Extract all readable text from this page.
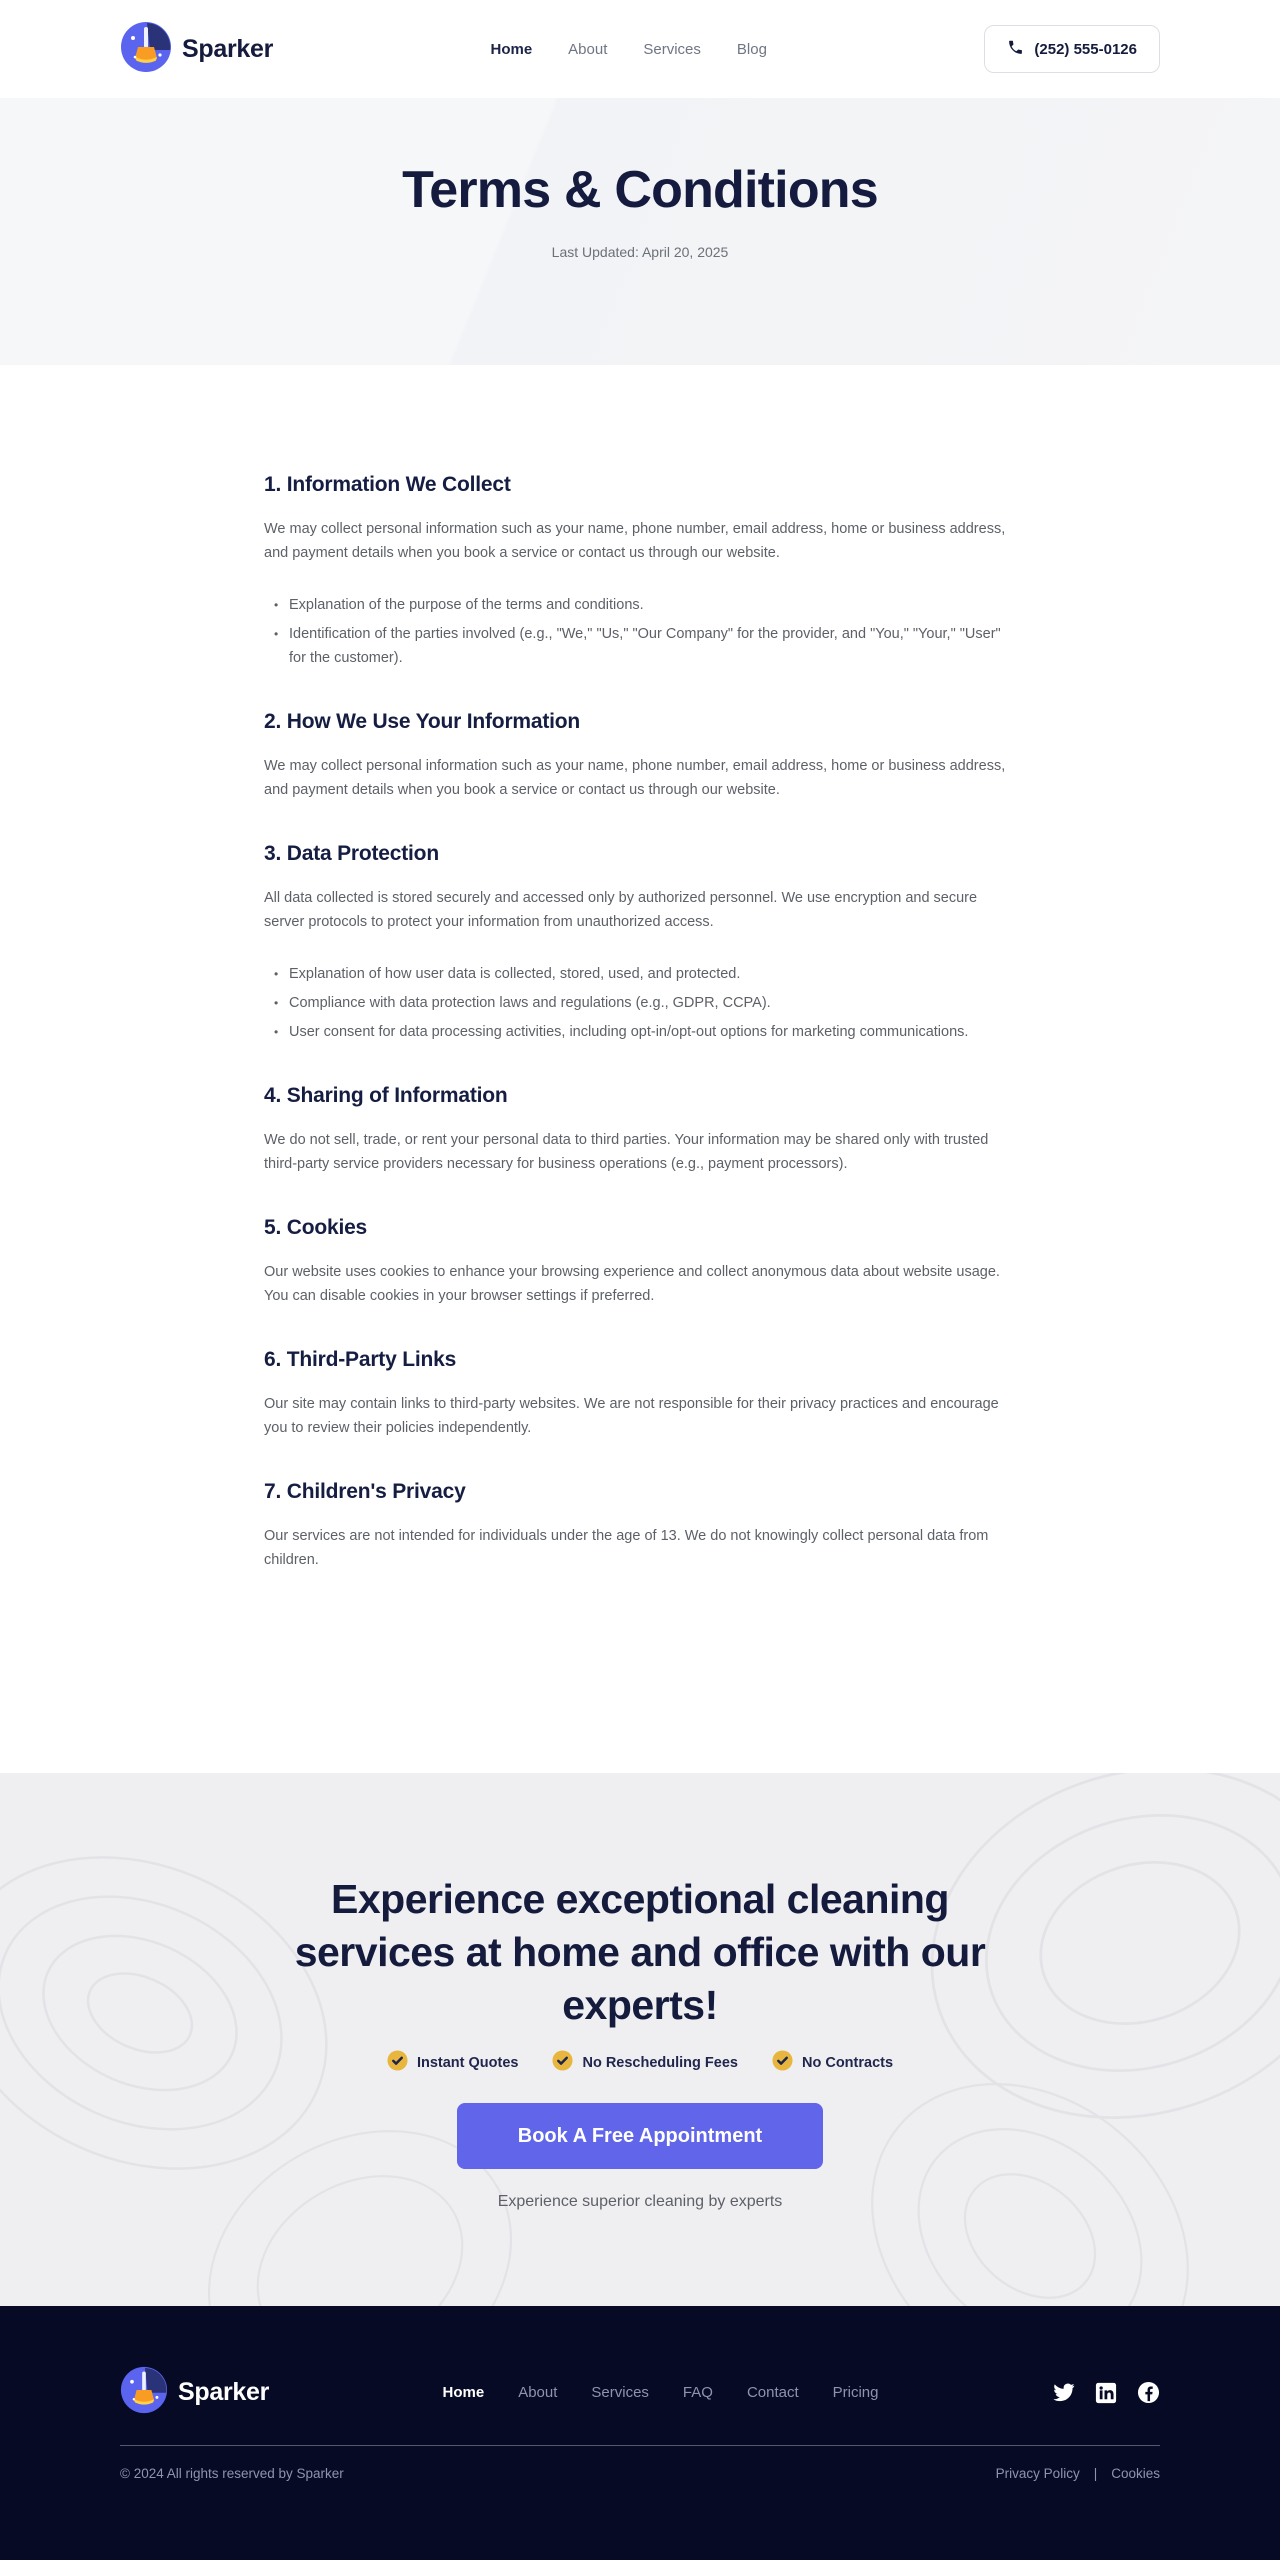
Sparker	Home About Services Blog	(252) 555-0126
Terms & Conditions
Last Updated: April 20, 2025
1. Information We Collect

We may collect personal information such as your name, phone number, email address, home or business address, and payment details when you book a service or contact us through our website.

• Explanation of the purpose of the terms and conditions.
• Identification of the parties involved (e.g., "We," "Us," "Our Company" for the provider, and "You," "Your," "User" for the customer).
2. How We Use Your Information

We may collect personal information such as your name, phone number, email address, home or business address, and payment details when you book a service or contact us through our website.

3. Data Protection

All data collected is stored securely and accessed only by authorized personnel. We use encryption and secure server protocols to protect your information from unauthorized access.

• Explanation of how user data is collected, stored, used, and protected.
• Compliance with data protection laws and regulations (e.g., GDPR, CCPA).
• User consent for data processing activities, including opt-in/opt-out options for marketing communications.
4. Sharing of Information

We do not sell, trade, or rent your personal data to third parties. Your information may be shared only with trusted third-party service providers necessary for business operations (e.g., payment processors).

5. Cookies

Our website uses cookies to enhance your browsing experience and collect anonymous data about website usage. You can disable cookies in your browser settings if preferred.

6. Third-Party Links

Our site may contain links to third-party websites. We are not responsible for their privacy practices and encourage you to review their policies independently.

7. Children's Privacy

Our services are not intended for individuals under the age of 13. We do not knowingly collect personal data from children.

Experience exceptional cleaning
services at home and office with our
experts!
Instant Quotes	No Rescheduling Fees	No Contracts
Book A Free Appointment
Experience superior cleaning by experts
Sparker	Home About Services FAQ Contact Pricing
© 2024 All rights reserved by Sparker	Privacy Policy | Cookies
